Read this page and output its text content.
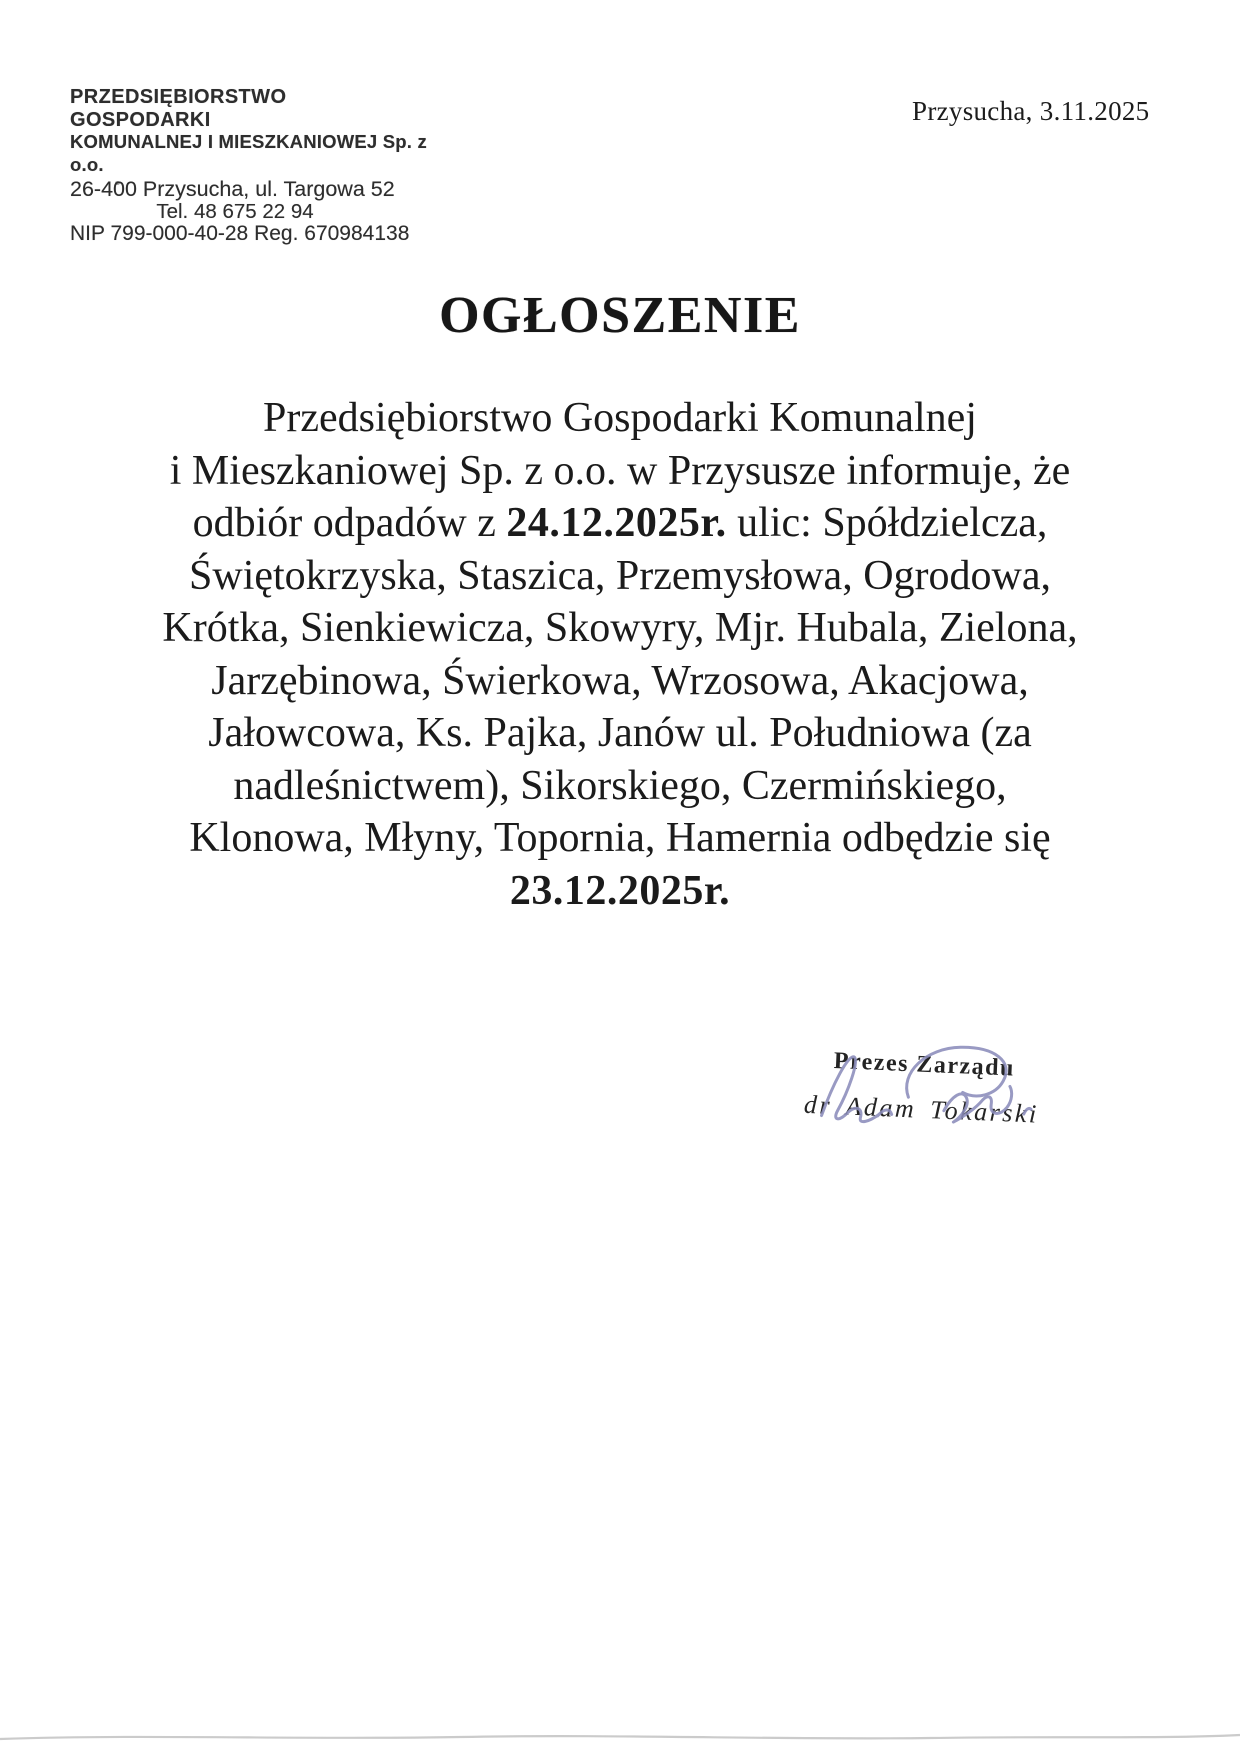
PRZEDSIĘBIORSTWO GOSPODARKI
KOMUNALNEJ I MIESZKANIOWEJ Sp. z o.o.
26-400 Przysucha, ul. Targowa 52
Tel. 48 675 22 94
NIP 799-000-40-28 Reg. 670984138
Przysucha, 3.11.2025
OGŁOSZENIE
Przedsiębiorstwo Gospodarki Komunalnej
i Mieszkaniowej Sp. z o.o. w Przysusze informuje, że
odbiór odpadów z 24.12.2025r. ulic: Spółdzielcza,
Świętokrzyska, Staszica, Przemysłowa, Ogrodowa,
Krótka, Sienkiewicza, Skowyry, Mjr. Hubala, Zielona,
Jarzębinowa, Świerkowa, Wrzosowa, Akacjowa,
Jałowcowa, Ks. Pajka, Janów ul. Południowa (za
nadleśnictwem), Sikorskiego, Czermińskiego,
Klonowa, Młyny, Topornia, Hamernia odbędzie się
23.12.2025r.
Prezes Zarządu
dr Adam Tokarski
